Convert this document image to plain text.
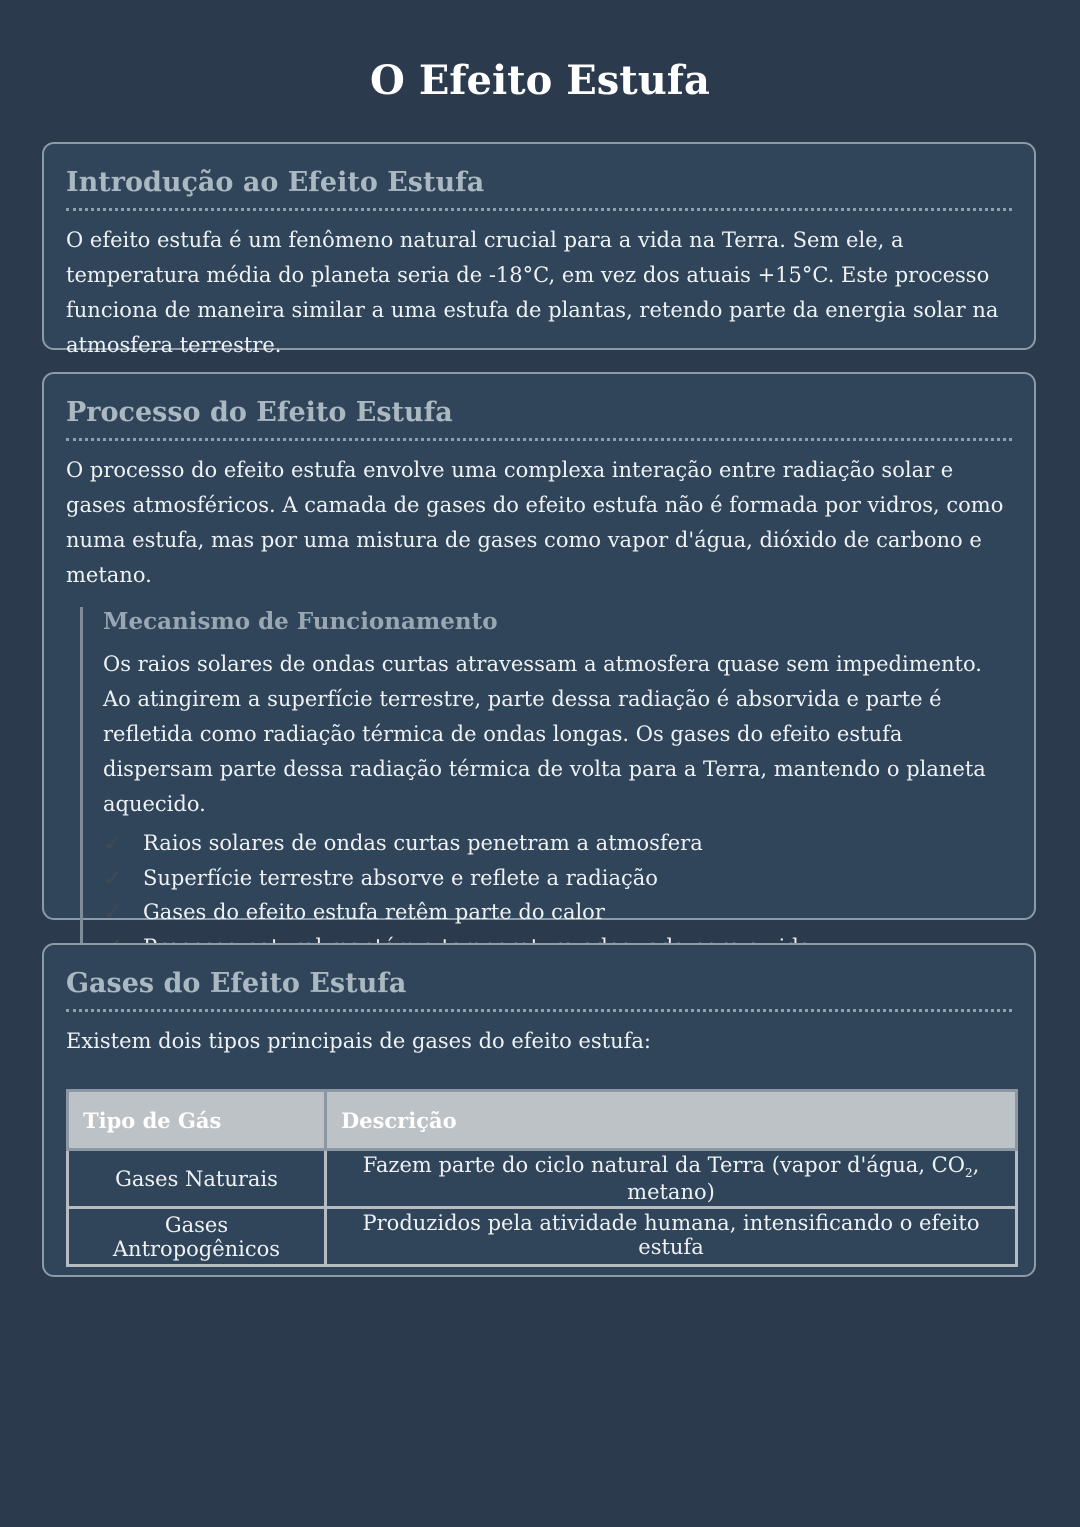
O Efeito Estufa
Introdução ao Efeito Estufa

O efeito estufa é um fenômeno natural crucial para a vida na Terra. Sem ele, a temperatura média do planeta seria de -18°C, em vez dos atuais +15°C. Este processo funciona de maneira similar a uma estufa de plantas, retendo parte da energia solar na atmosfera terrestre.

Processo do Efeito Estufa

O processo do efeito estufa envolve uma complexa interação entre radiação solar e gases atmosféricos. A camada de gases do efeito estufa não é formada por vidros, como numa estufa, mas por uma mistura de gases como vapor d'água, dióxido de carbono e metano.

Mecanismo de Funcionamento

Os raios solares de ondas curtas atravessam a atmosfera quase sem impedimento. Ao atingirem a superfície terrestre, parte dessa radiação é absorvida e parte é refletida como radiação térmica de ondas longas. Os gases do efeito estufa dispersam parte dessa radiação térmica de volta para a Terra, mantendo o planeta aquecido.

✓ Raios solares de ondas curtas penetram a atmosfera
✓ Superfície terrestre absorve e reflete a radiação
✓ Gases do efeito estufa retêm parte do calor
Gases do Efeito Estufa

Existem dois tipos principais de gases do efeito estufa:

Tipo de Gás	Descrição
Gases Naturais	Fazem parte do ciclo natural da Terra (vapor d'água, $CO_2$, metano)
Gases Antropogênicos	Produzidos pela atividade humana, intensificando o efeito estufa
